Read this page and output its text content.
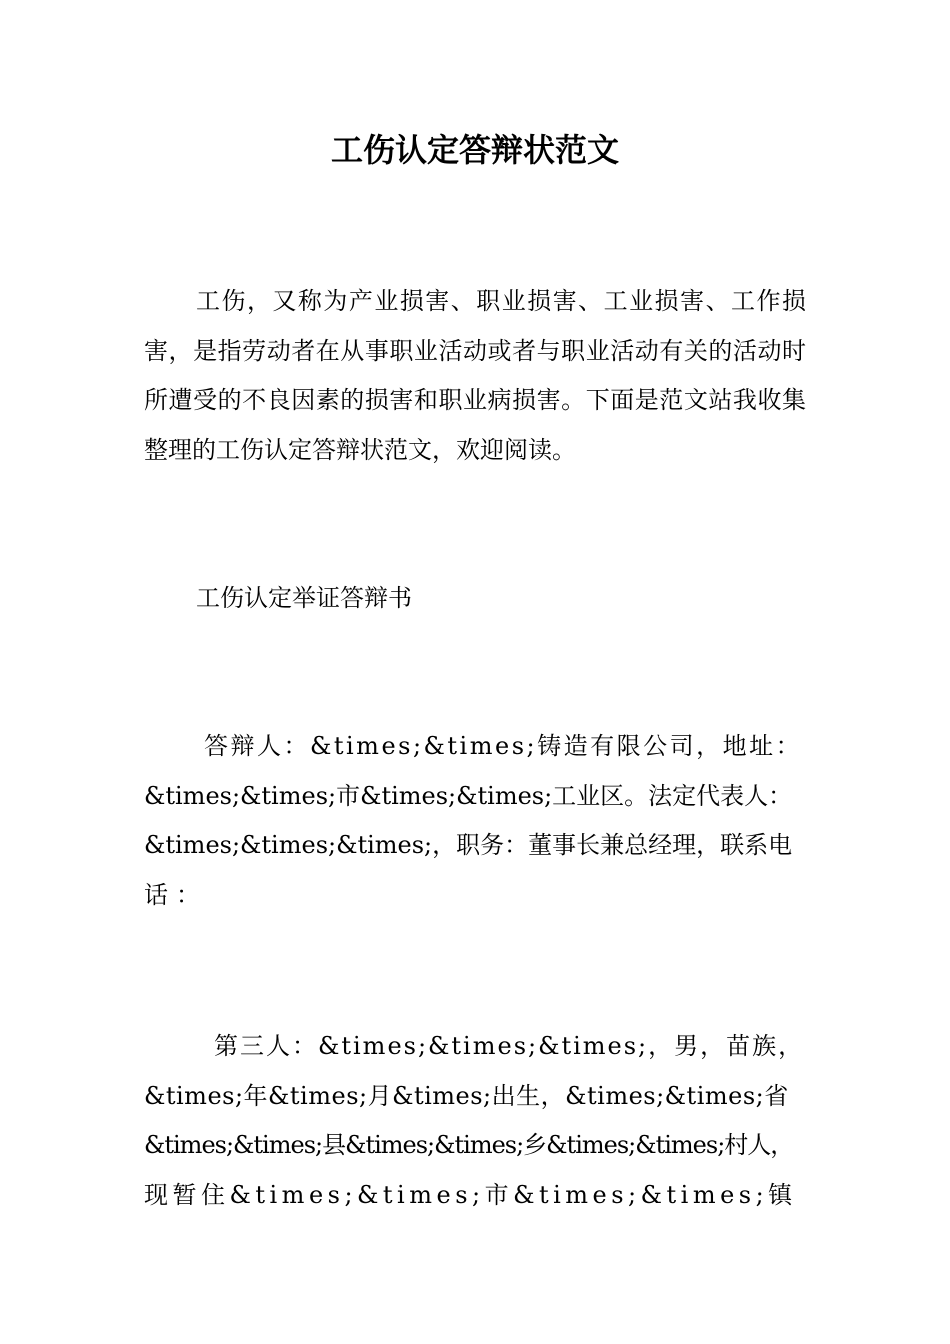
工伤认定答辩状范文

工伤，又称为产业损害、职业损害、工业损害、工作损害，是指劳动者在从事职业活动或者与职业活动有关的活动时所遭受的不良因素的损害和职业病损害。下面是范文站我收集整理的工伤认定答辩状范文，欢迎阅读。

工伤认定举证答辩书

答辩人：&times;&times;铸造有限公司，地址：
&times;&times;市&times;&times;工业区。法定代表人：
&times;&times;&times;，职务：董事长兼总经理，联系电
话：
第三人：&times;&times;&times;，男，苗族，
&times;年&times;月&times;出生，&times;&times;省
&times;&times;县&times;&times;乡&times;&times;村人，
现暂住&times;&times;市&times;&times;镇
